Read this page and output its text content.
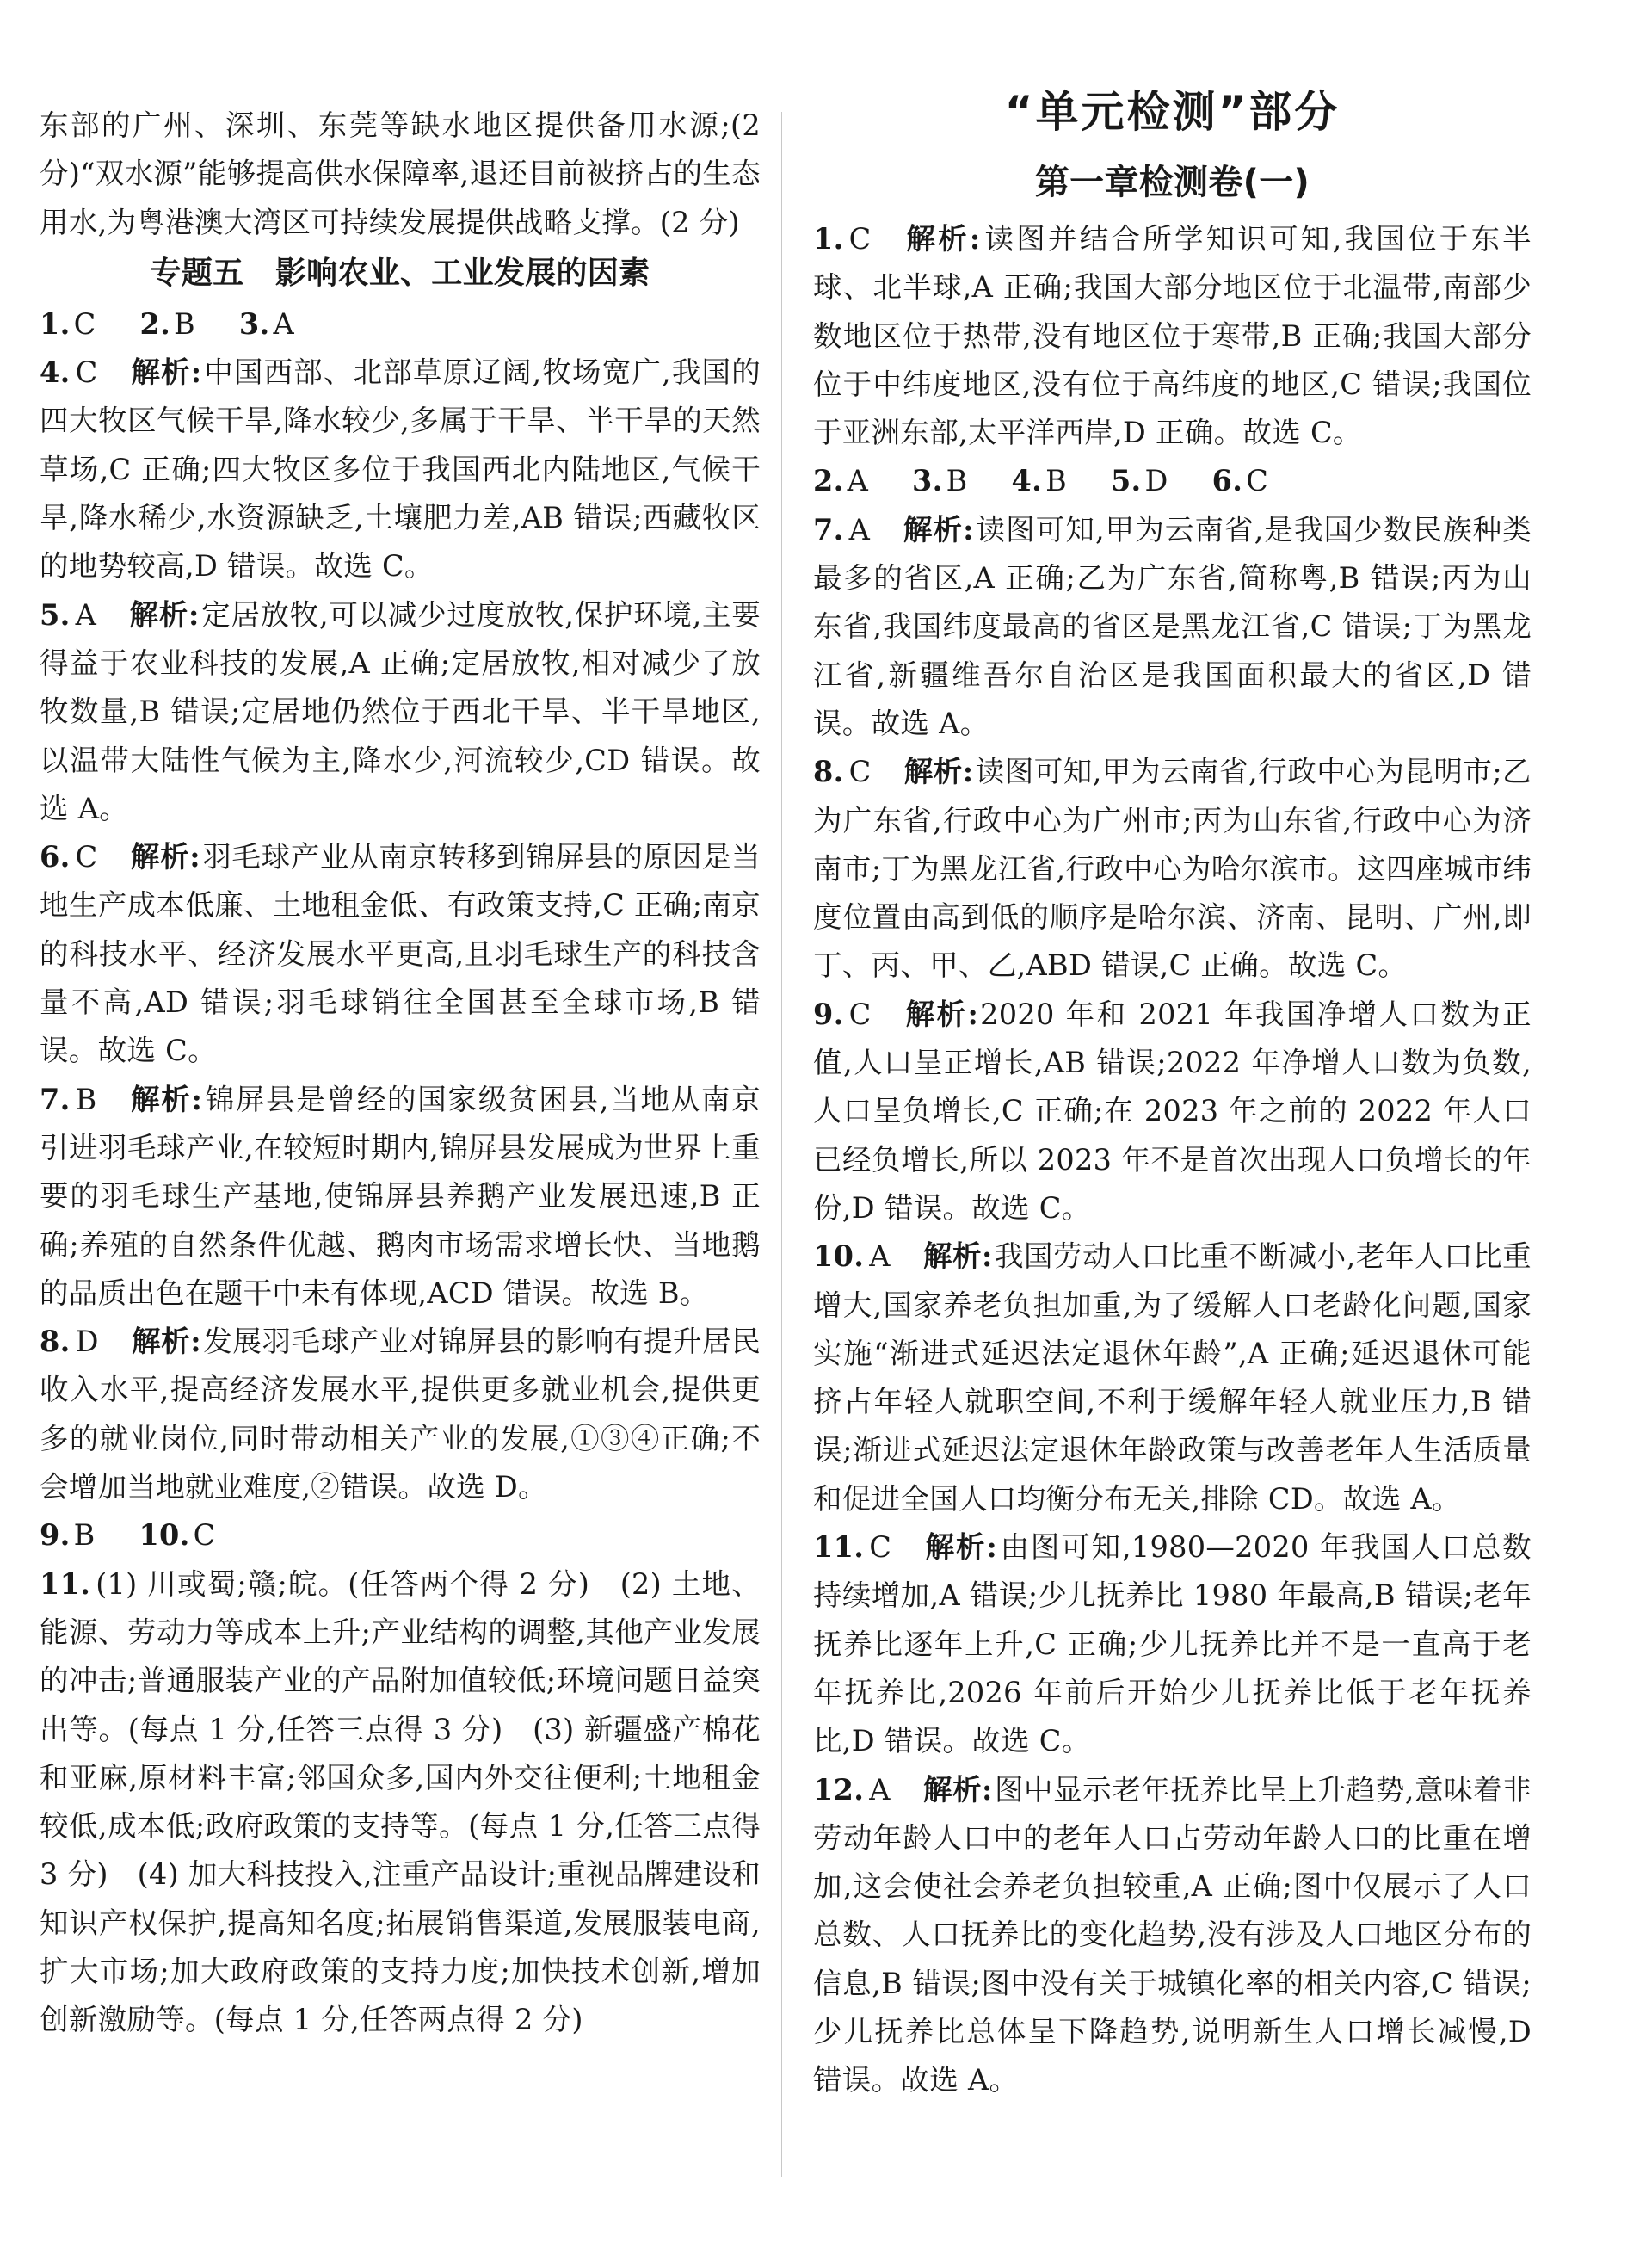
东部的广州、深圳、东莞等缺水地区提供备用水源;(2 分)“双水源”能够提高供水保障率,退还目前被挤占的生态用水,为粤港澳大湾区可持续发展提供战略支撑。(2 分)

专题五　影响农业、工业发展的因素

1. C 2. B 3. A

4. C 解析:中国西部、北部草原辽阔,牧场宽广,我国的四大牧区气候干旱,降水较少,多属于干旱、半干旱的天然草场,C 正确;四大牧区多位于我国西北内陆地区,气候干旱,降水稀少,水资源缺乏,土壤肥力差,AB 错误;西藏牧区的地势较高,D 错误。故选 C。

5. A 解析:定居放牧,可以减少过度放牧,保护环境,主要得益于农业科技的发展,A 正确;定居放牧,相对减少了放牧数量,B 错误;定居地仍然位于西北干旱、半干旱地区,以温带大陆性气候为主,降水少,河流较少,CD 错误。故选 A。

6. C 解析:羽毛球产业从南京转移到锦屏县的原因是当地生产成本低廉、土地租金低、有政策支持,C 正确;南京的科技水平、经济发展水平更高,且羽毛球生产的科技含量不高,AD 错误;羽毛球销往全国甚至全球市场,B 错误。故选 C。

7. B 解析:锦屏县是曾经的国家级贫困县,当地从南京引进羽毛球产业,在较短时期内,锦屏县发展成为世界上重要的羽毛球生产基地,使锦屏县养鹅产业发展迅速,B 正确;养殖的自然条件优越、鹅肉市场需求增长快、当地鹅的品质出色在题干中未有体现,ACD 错误。故选 B。

8. D 解析:发展羽毛球产业对锦屏县的影响有提升居民收入水平,提高经济发展水平,提供更多就业机会,提供更多的就业岗位,同时带动相关产业的发展,①③④正确;不会增加当地就业难度,②错误。故选 D。

9. B 10. C

11. (1) 川或蜀;赣;皖。(任答两个得 2 分)　(2) 土地、能源、劳动力等成本上升;产业结构的调整,其他产业发展的冲击;普通服装产业的产品附加值较低;环境问题日益突出等。(每点 1 分,任答三点得 3 分)　(3) 新疆盛产棉花和亚麻,原材料丰富;邻国众多,国内外交往便利;土地租金较低,成本低;政府政策的支持等。(每点 1 分,任答三点得 3 分)　(4) 加大科技投入,注重产品设计;重视品牌建设和知识产权保护,提高知名度;拓展销售渠道,发展服装电商,扩大市场;加大政府政策的支持力度;加快技术创新,增加创新激励等。(每点 1 分,任答两点得 2 分)

“单元检测”部分
第一章检测卷(一)

1. C 解析:读图并结合所学知识可知,我国位于东半球、北半球,A 正确;我国大部分地区位于北温带,南部少数地区位于热带,没有地区位于寒带,B 正确;我国大部分位于中纬度地区,没有位于高纬度的地区,C 错误;我国位于亚洲东部,太平洋西岸,D 正确。故选 C。

2. A 3. B 4. B 5. D 6. C

7. A 解析:读图可知,甲为云南省,是我国少数民族种类最多的省区,A 正确;乙为广东省,简称粤,B 错误;丙为山东省,我国纬度最高的省区是黑龙江省,C 错误;丁为黑龙江省,新疆维吾尔自治区是我国面积最大的省区,D 错误。故选 A。

8. C 解析:读图可知,甲为云南省,行政中心为昆明市;乙为广东省,行政中心为广州市;丙为山东省,行政中心为济南市;丁为黑龙江省,行政中心为哈尔滨市。这四座城市纬度位置由高到低的顺序是哈尔滨、济南、昆明、广州,即丁、丙、甲、乙,ABD 错误,C 正确。故选 C。

9. C 解析:2020 年和 2021 年我国净增人口数为正值,人口呈正增长,AB 错误;2022 年净增人口数为负数,人口呈负增长,C 正确;在 2023 年之前的 2022 年人口已经负增长,所以 2023 年不是首次出现人口负增长的年份,D 错误。故选 C。

10. A 解析:我国劳动人口比重不断减小,老年人口比重增大,国家养老负担加重,为了缓解人口老龄化问题,国家实施“渐进式延迟法定退休年龄”,A 正确;延迟退休可能挤占年轻人就职空间,不利于缓解年轻人就业压力,B 错误;渐进式延迟法定退休年龄政策与改善老年人生活质量和促进全国人口均衡分布无关,排除 CD。故选 A。

11. C 解析:由图可知,1980—2020 年我国人口总数持续增加,A 错误;少儿抚养比 1980 年最高,B 错误;老年抚养比逐年上升,C 正确;少儿抚养比并不是一直高于老年抚养比,2026 年前后开始少儿抚养比低于老年抚养比,D 错误。故选 C。

12. A 解析:图中显示老年抚养比呈上升趋势,意味着非劳动年龄人口中的老年人口占劳动年龄人口的比重在增加,这会使社会养老负担较重,A 正确;图中仅展示了人口总数、人口抚养比的变化趋势,没有涉及人口地区分布的信息,B 错误;图中没有关于城镇化率的相关内容,C 错误;少儿抚养比总体呈下降趋势,说明新生人口增长减慢,D 错误。故选 A。
